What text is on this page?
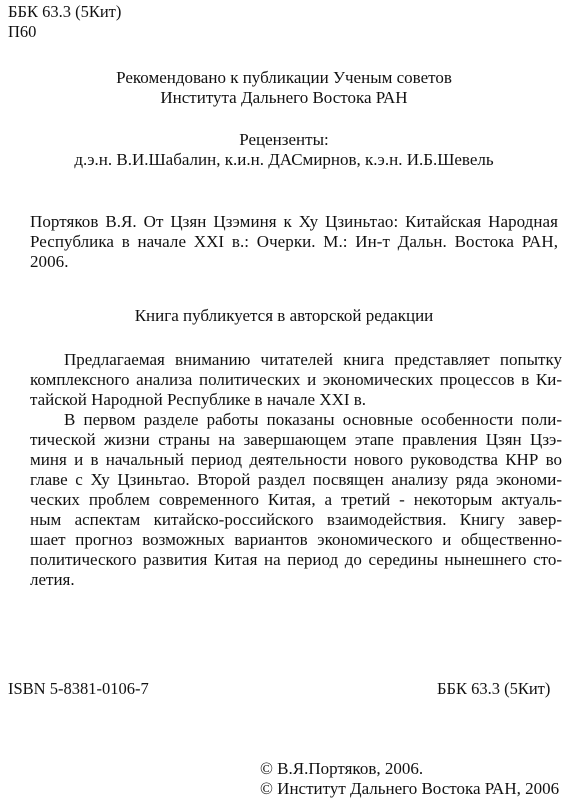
ББК 63.3 (5Кит)
П60
Рекомендовано к публикации Ученым советов
Института Дальнего Востока РАН
Рецензенты:
д.э.н. В.И.Шабалин, к.и.н. ДАСмирнов, к.э.н. И.Б.Шевель

Портяков В.Я. От Цзян Цзэминя к Ху Цзиньтао: Китайская Народная

Республика в начале XXI в.: Очерки. М.: Ин-т Дальн. Востока РАН, 2006.

Книга публикуется в авторской редакции

Предлагаемая вниманию читателей книга представляет попытку
комплексного анализа политических и экономических процессов в Ки-
тайской Народной Республике в начале XXI в.

В первом разделе работы показаны основные особенности поли-
тической жизни страны на завершающем этапе правления Цзян Цзэ-
миня и в начальный период деятельности нового руководства КНР во
главе с Ху Цзиньтао. Второй раздел посвящен анализу ряда экономи-
ческих проблем современного Китая, а третий - некоторым актуаль-
ным аспектам китайско-российского взаимодействия. Книгу завер-
шает прогноз возможных вариантов экономического и общественно-
политического развития Китая на период до середины нынешнего сто-
летия.

ISBN 5-8381-0106-7	ББК 63.3 (5Кит)
© В.Я.Портяков, 2006.
© Институт Дальнего Востока РАН, 2006
